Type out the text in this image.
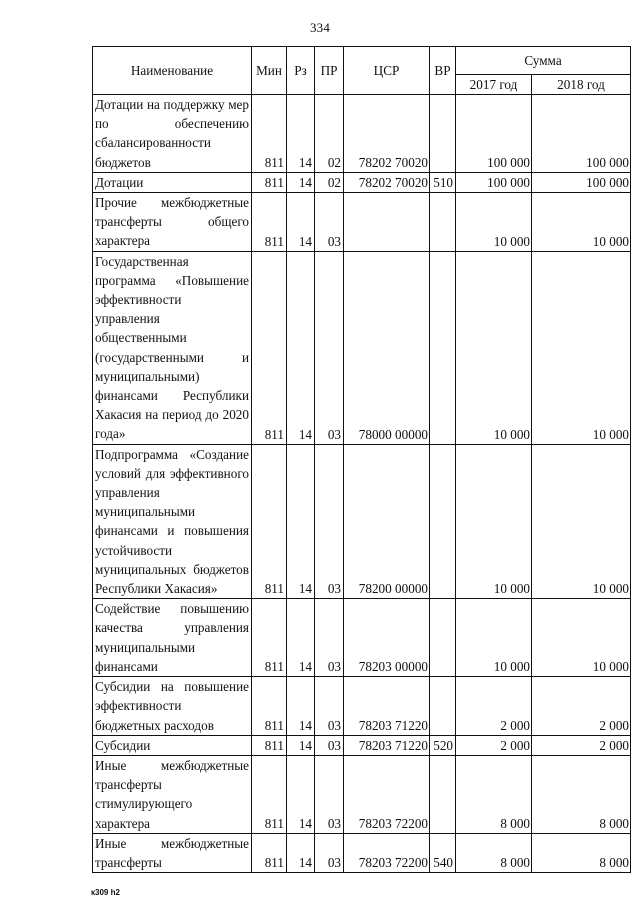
334
Наименование	Мин	Рз	ПР	ЦСР	ВР	Сумма	
						2017 год	2018 год
Дотации на поддержку мер по обеспечению сбалансированности бюджетов	811	14	02	78202 70020		100 000	100 000
Дотации	811	14	02	78202 70020	510	100 000	100 000
Прочие межбюджетные трансферты общего характера	811	14	03			10 000	10 000
Государственная программа «Повышение эффективности управления общественными (государственными и муниципальными) финансами Республики Хакасия на период до 2020 года»	811	14	03	78000 00000		10 000	10 000
Подпрограмма «Создание условий для эффективного управления муниципальными финансами и повышения устойчивости муниципальных бюджетов Республики Хакасия»	811	14	03	78200 00000		10 000	10 000
Содействие повышению качества управления муниципальными финансами	811	14	03	78203 00000		10 000	10 000
Субсидии на повышение эффективности бюджетных расходов	811	14	03	78203 71220		2 000	2 000
Субсидии	811	14	03	78203 71220	520	2 000	2 000
Иные межбюджетные трансферты стимулирующего характера	811	14	03	78203 72200		8 000	8 000
Иные межбюджетные трансферты	811	14	03	78203 72200	540	8 000	8 000
к309 h2
